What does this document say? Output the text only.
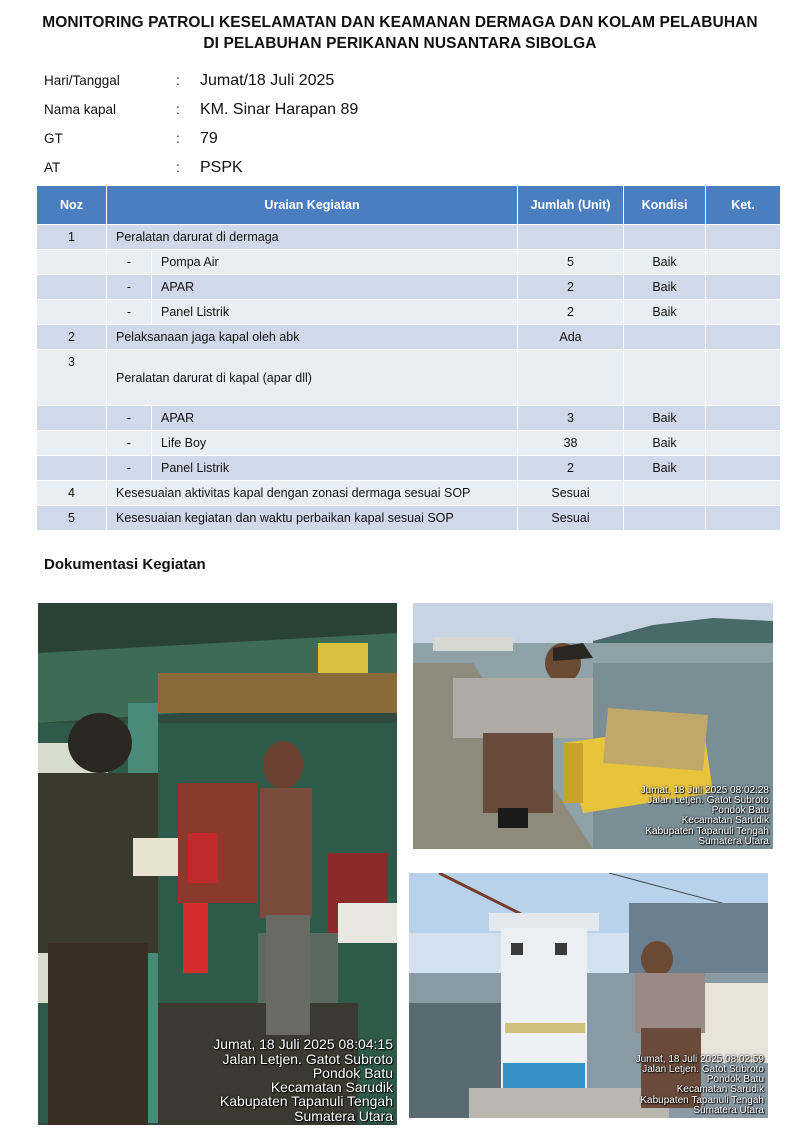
MONITORING PATROLI KESELAMATAN DAN KEAMANAN DERMAGA DAN KOLAM PELABUHAN
DI PELABUHAN PERIKANAN NUSANTARA SIBOLGA
Hari/Tanggal	:	Jumat/18 Juli 2025
Nama kapal	:	KM. Sinar Harapan 89
GT	:	79
AT	:	PSPK
Noz	Uraian Kegiatan		Jumlah (Unit)	Kondisi	Ket.
1	Peralatan darurat di dermaga				
	-	Pompa Air	5	Baik	
	-	APAR	2	Baik	
	-	Panel Listrik	2	Baik	
2	Pelaksanaan jaga kapal oleh abk		Ada		
3	Peralatan darurat di kapal (apar dll)				
	-	APAR	3	Baik	
	-	Life Boy	38	Baik	
	-	Panel Listrik	2	Baik	
4	Kesesuaian aktivitas kapal dengan zonasi dermaga sesuai SOP		Sesuai		
5	Kesesuaian kegiatan dan waktu perbaikan kapal sesuai SOP		Sesuai		
Dokumentasi Kegiatan
Jumat, 18 Juli 2025 08:04:15
Jalan Letjen. Gatot Subroto
Pondok Batu
Kecamatan Sarudik
Kabupaten Tapanuli Tengah
Sumatera Utara
Jumat, 18 Juli 2025 08:02:28
Jalan Letjen. Gatot Subroto
Pondok Batu
Kecamatan Sarudik
Kabupaten Tapanuli Tengah
Sumatera Utara
Jumat, 18 Juli 2025 08:02:59
Jalan Letjen. Gatot Subroto
Pondok Batu
Kecamatan Sarudik
Kabupaten Tapanuli Tengah
Sumatera Utara
